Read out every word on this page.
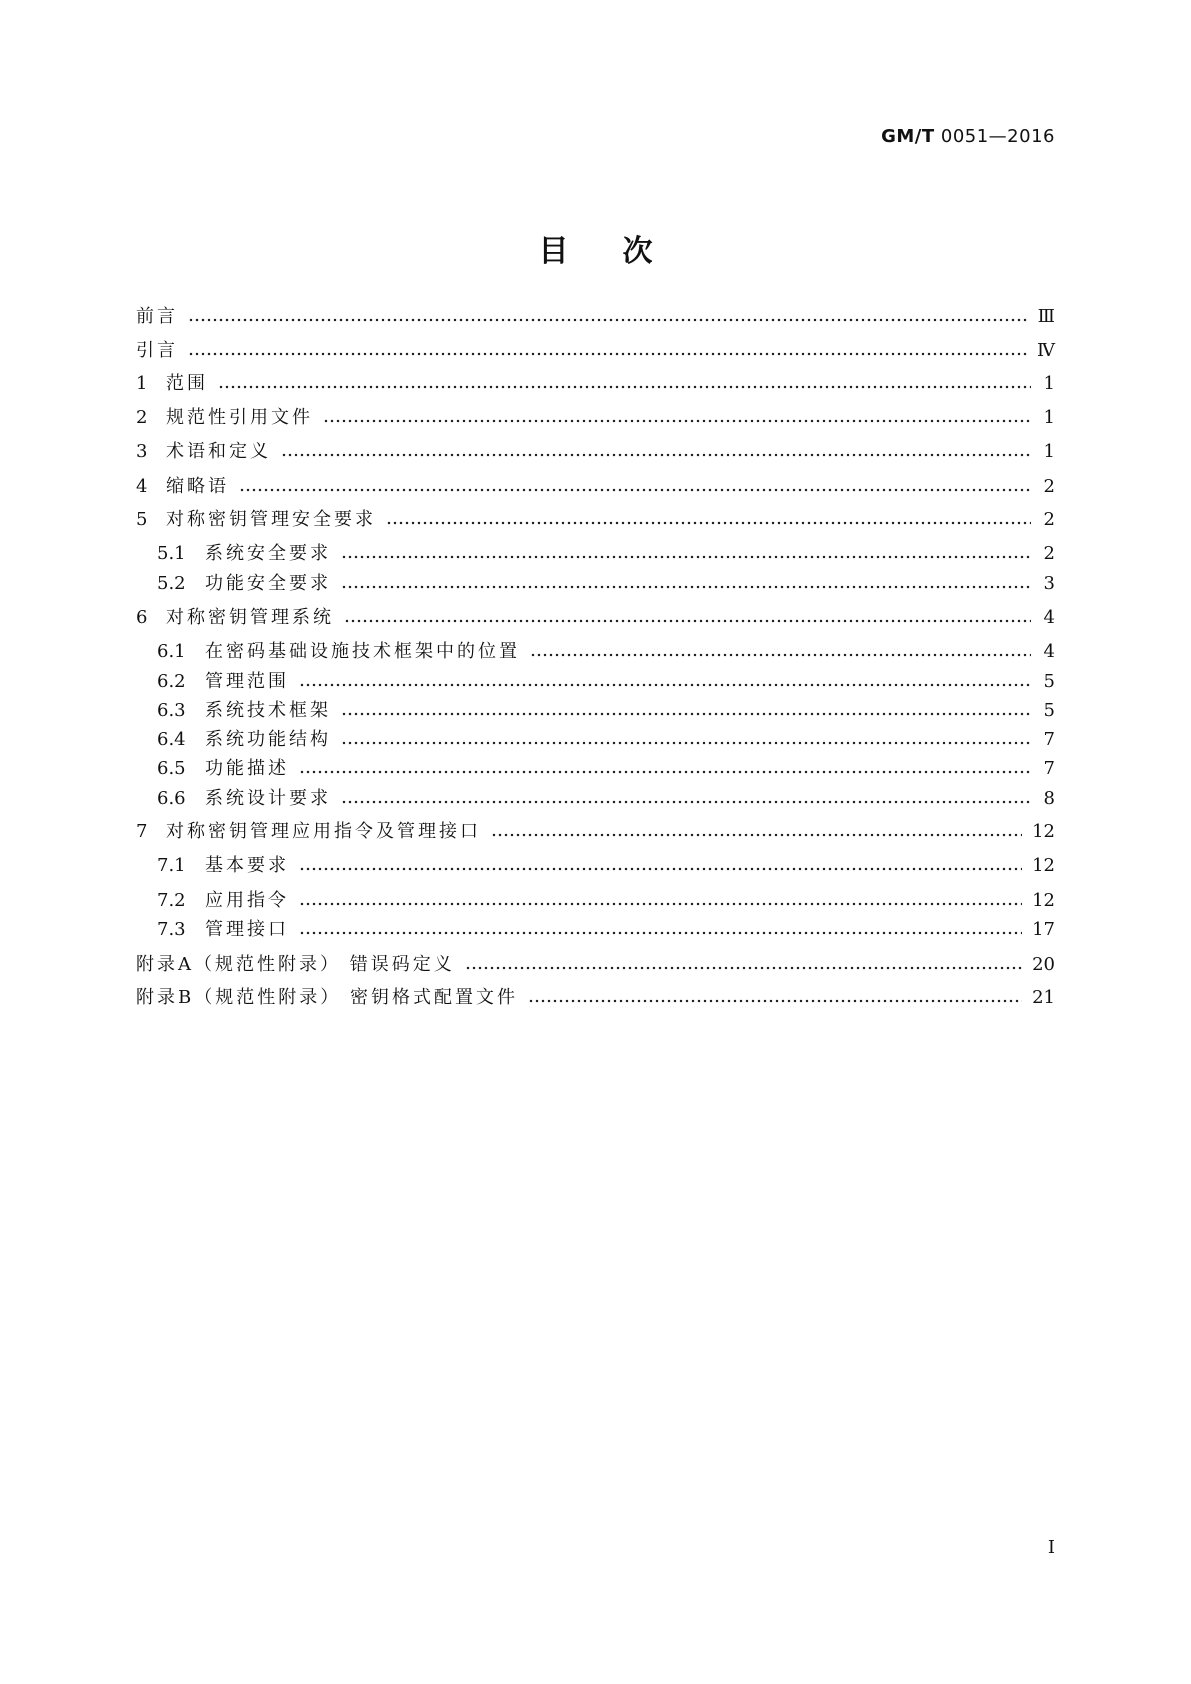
GM/T 0051—2016
目次
前言	Ⅲ
引言	Ⅳ
1	范围	1
2	规范性引用文件	1
3	术语和定义	1
4	缩略语	2
5	对称密钥管理安全要求	2
5.1	系统安全要求	2
5.2	功能安全要求	3
6	对称密钥管理系统	4
6.1	在密码基础设施技术框架中的位置	4
6.2	管理范围	5
6.3	系统技术框架	5
6.4	系统功能结构	7
6.5	功能描述	7
6.6	系统设计要求	8
7	对称密钥管理应用指令及管理接口	12
7.1	基本要求	12
7.2	应用指令	12
7.3	管理接口	17
附录A（规范性附录） 错误码定义	20
附录B（规范性附录） 密钥格式配置文件	21
I
